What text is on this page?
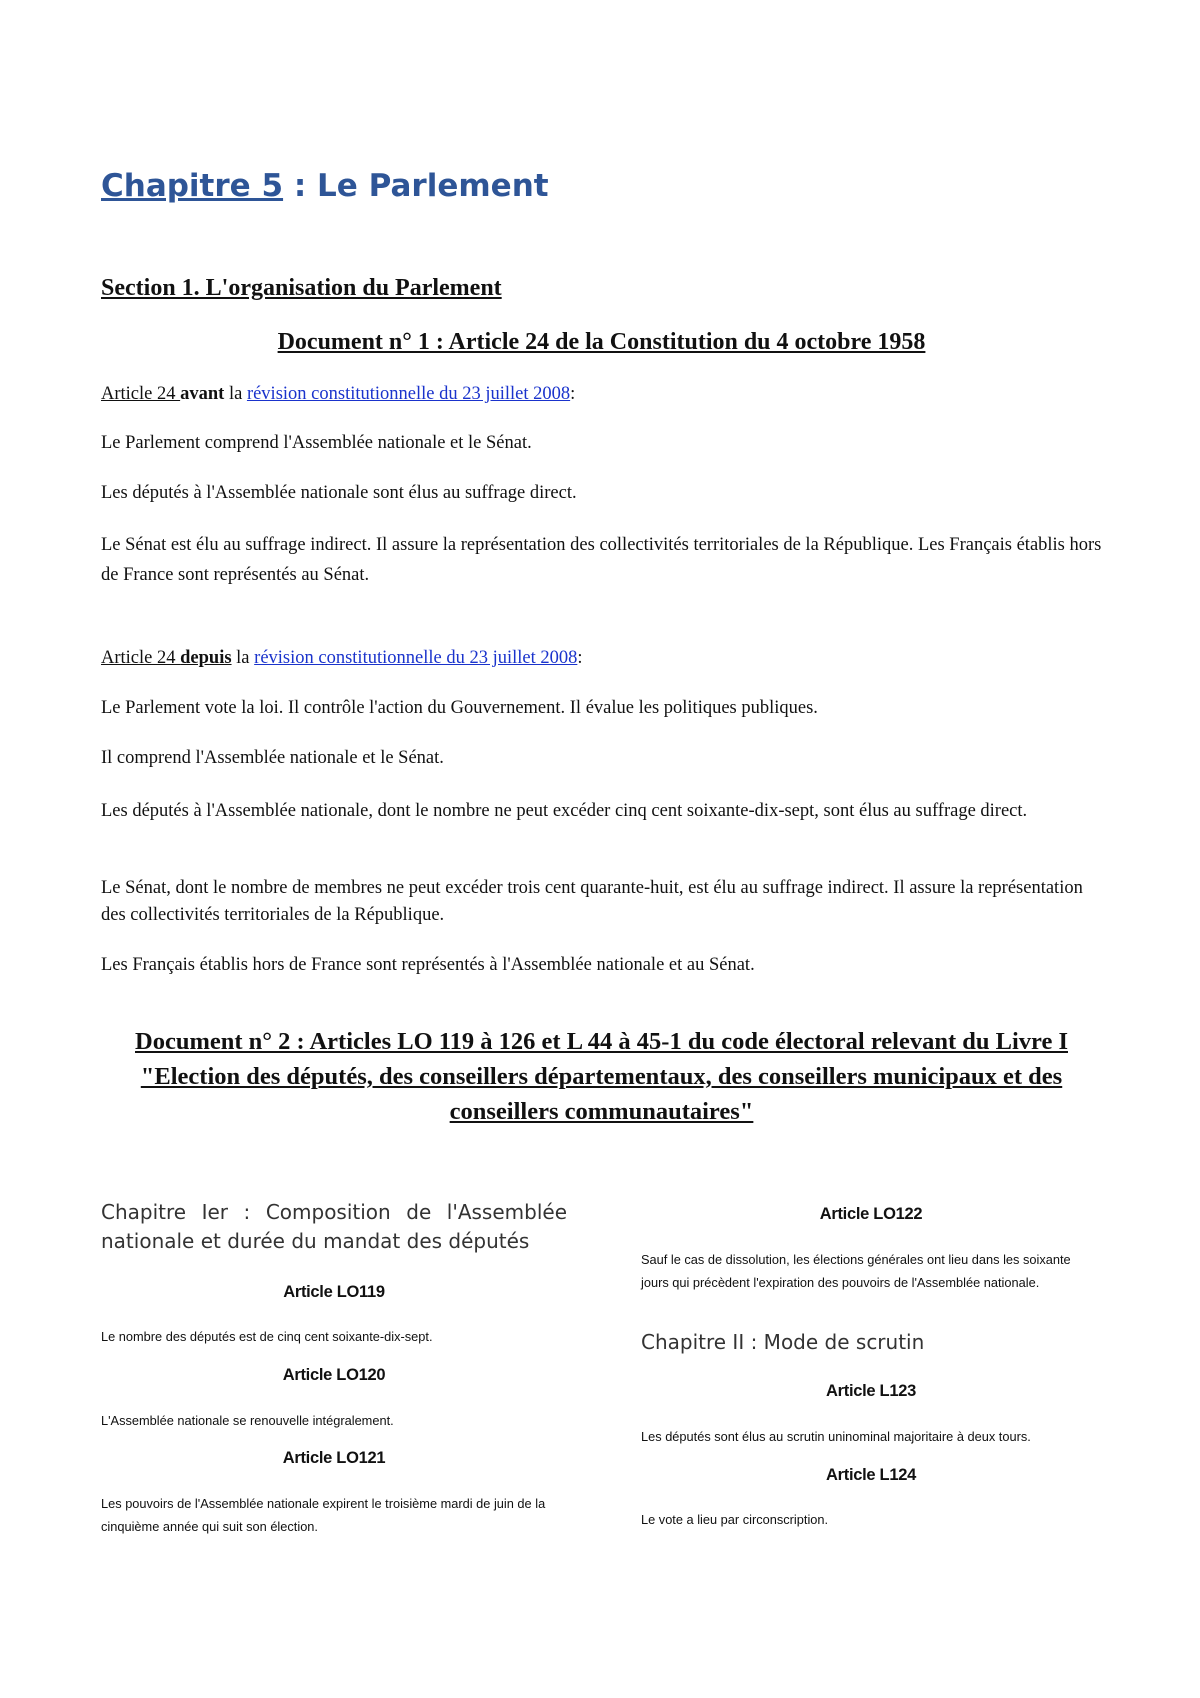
Chapitre 5 : Le Parlement
Section 1. L'organisation du Parlement
Document n° 1 : Article 24 de la Constitution du 4 octobre 1958

Article 24 avant la révision constitutionnelle du 23 juillet 2008:

Le Parlement comprend l'Assemblée nationale et le Sénat.

Les députés à l'Assemblée nationale sont élus au suffrage direct.

Le Sénat est élu au suffrage indirect. Il assure la représentation des collectivités territoriales de la République. Les Français établis hors de France sont représentés au Sénat.

Article 24 depuis la révision constitutionnelle du 23 juillet 2008:

Le Parlement vote la loi. Il contrôle l'action du Gouvernement. Il évalue les politiques publiques.

Il comprend l'Assemblée nationale et le Sénat.

Les députés à l'Assemblée nationale, dont le nombre ne peut excéder cinq cent soixante-dix-sept, sont élus au suffrage direct.

Le Sénat, dont le nombre de membres ne peut excéder trois cent quarante-huit, est élu au suffrage indirect. Il assure la représentation des collectivités territoriales de la République.

Les Français établis hors de France sont représentés à l'Assemblée nationale et au Sénat.

Document n° 2 : Articles LO 119 à 126 et L 44 à 45-1 du code électoral relevant du Livre I "Election des députés, des conseillers départementaux, des conseillers municipaux et des conseillers communautaires"
Chapitre Ier : Composition de l'Assemblée nationale et durée du mandat des députés
Article LO119
Le nombre des députés est de cinq cent soixante-dix-sept.
Article LO120
L'Assemblée nationale se renouvelle intégralement.
Article LO121
Les pouvoirs de l'Assemblée nationale expirent le troisième mardi de juin de la cinquième année qui suit son élection.
Article LO122
Sauf le cas de dissolution, les élections générales ont lieu dans les soixante jours qui précèdent l'expiration des pouvoirs de l'Assemblée nationale.
Chapitre II : Mode de scrutin
Article L123
Les députés sont élus au scrutin uninominal majoritaire à deux tours.
Article L124
Le vote a lieu par circonscription.
